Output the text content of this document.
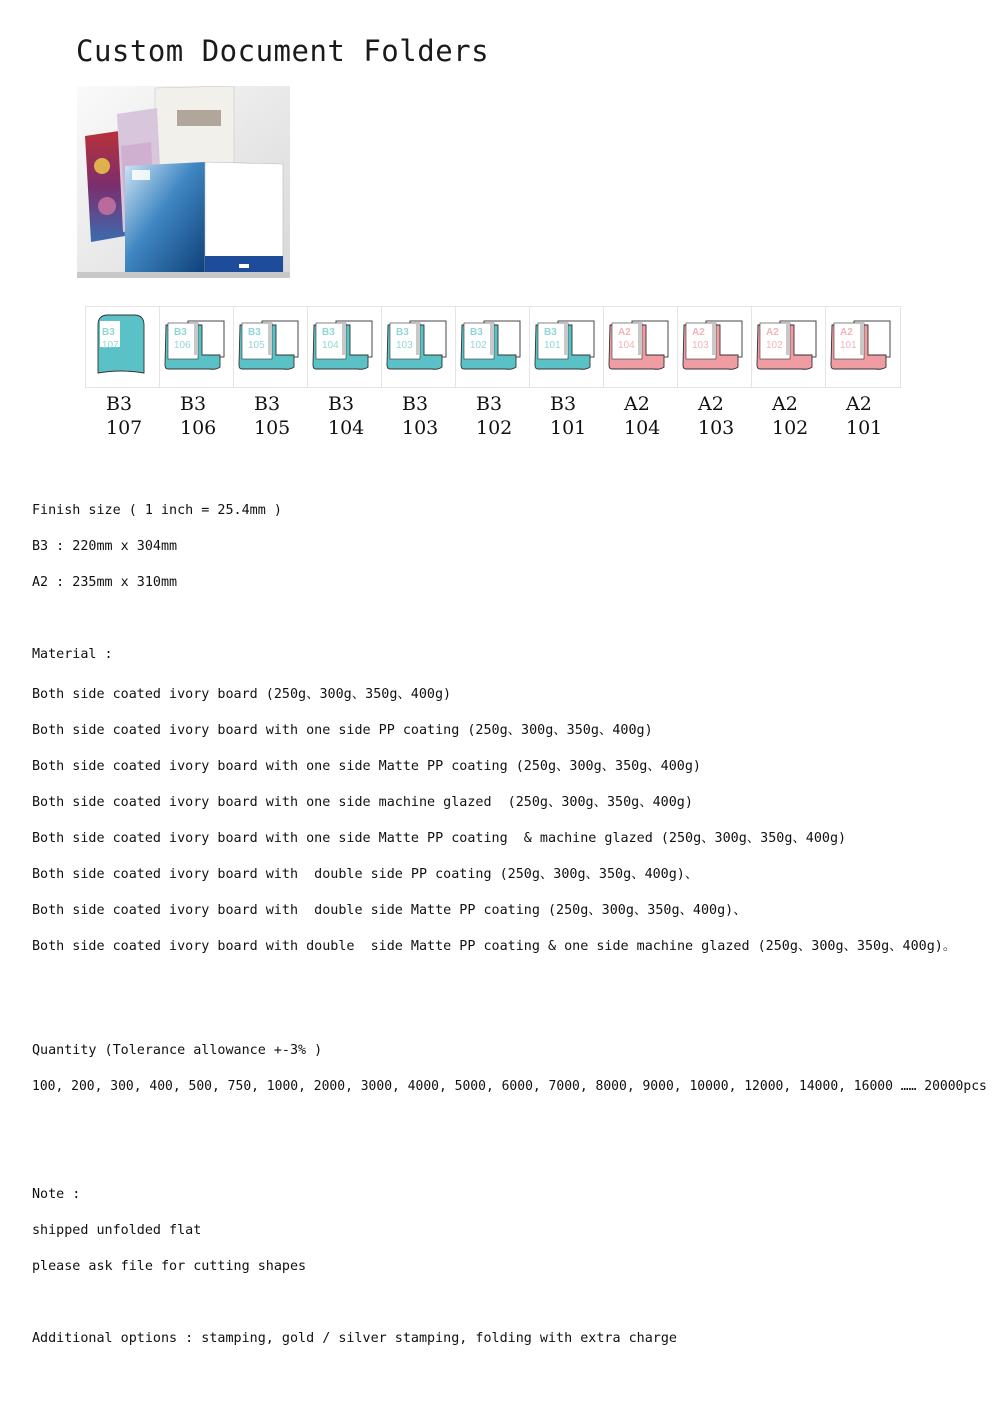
Custom Document Folders
B3
107
B3
106
B3
105
B3
104
B3
103
B3
102
B3
101
A2
104
A2
103
A2
102
A2
101
B3
107
B3
106
B3
105
B3
104
B3
103
B3
102
B3
101
A2
104
A2
103
A2
102
A2
101
Finish size ( 1 inch = 25.4mm )
B3 : 220mm x 304mm
A2 : 235mm x 310mm
Material :
Both side coated ivory board (250g、300g、350g、400g)
Both side coated ivory board with one side PP coating (250g、300g、350g、400g)
Both side coated ivory board with one side Matte PP coating (250g、300g、350g、400g)
Both side coated ivory board with one side machine glazed  (250g、300g、350g、400g)
Both side coated ivory board with one side Matte PP coating  & machine glazed (250g、300g、350g、400g)
Both side coated ivory board with  double side PP coating (250g、300g、350g、400g)、
Both side coated ivory board with  double side Matte PP coating (250g、300g、350g、400g)、
Both side coated ivory board with double  side Matte PP coating & one side machine glazed (250g、300g、350g、400g)。
Quantity (Tolerance allowance +-3% )
100, 200, 300, 400, 500, 750, 1000, 2000, 3000, 4000, 5000, 6000, 7000, 8000, 9000, 10000, 12000, 14000, 16000 …… 20000pcs
Note :
shipped unfolded flat
please ask file for cutting shapes
Additional options : stamping, gold / silver stamping, folding with extra charge
